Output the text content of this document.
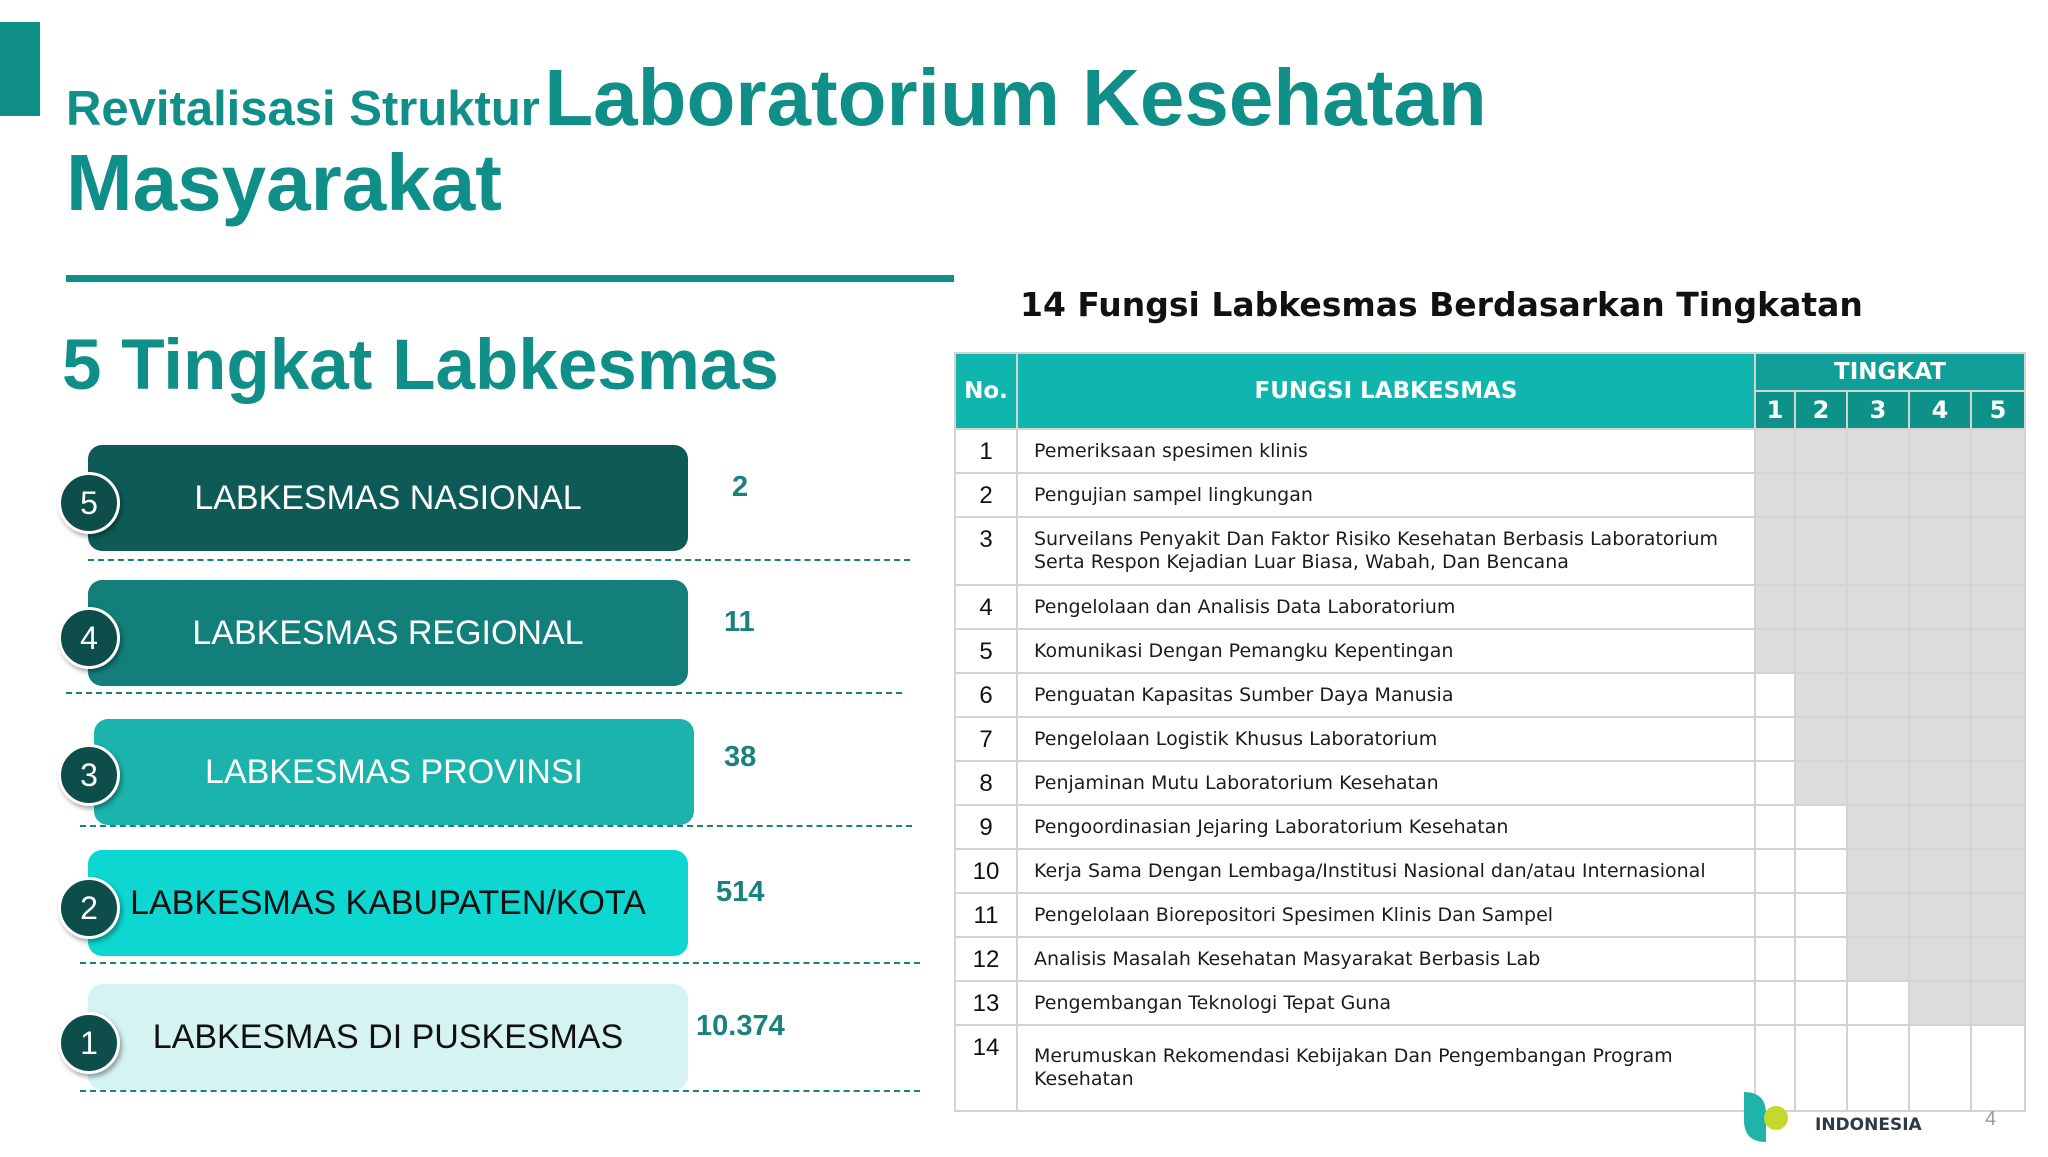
Revitalisasi Struktur Laboratorium Kesehatan
Masyarakat
5 Tingkat Labkesmas
LABKESMAS NASIONAL
5	2
LABKESMAS REGIONAL
4	11
LABKESMAS PROVINSI
3	38
LABKESMAS KABUPATEN/KOTA
2	514
LABKESMAS DI PUSKESMAS
1	10.374
14 Fungsi Labkesmas Berdasarkan Tingkatan
No.	FUNGSI LABKESMAS	TINGKAT				
		1	2	3	4	5
1	Pemeriksaan spesimen klinis					
2	Pengujian sampel lingkungan					
3	Surveilans Penyakit Dan Faktor Risiko Kesehatan Berbasis Laboratorium Serta Respon Kejadian Luar Biasa, Wabah, Dan Bencana					
4	Pengelolaan dan Analisis Data Laboratorium					
5	Komunikasi Dengan Pemangku Kepentingan					
6	Penguatan Kapasitas Sumber Daya Manusia					
7	Pengelolaan Logistik Khusus Laboratorium					
8	Penjaminan Mutu Laboratorium Kesehatan					
9	Pengoordinasian Jejaring Laboratorium Kesehatan					
10	Kerja Sama Dengan Lembaga/Institusi Nasional dan/atau Internasional					
11	Pengelolaan Biorepositori Spesimen Klinis Dan Sampel					
12	Analisis Masalah Kesehatan Masyarakat Berbasis Lab					
13	Pengembangan Teknologi Tepat Guna					
14	Merumuskan Rekomendasi Kebijakan Dan Pengembangan Program Kesehatan					
INDONESIA	4
